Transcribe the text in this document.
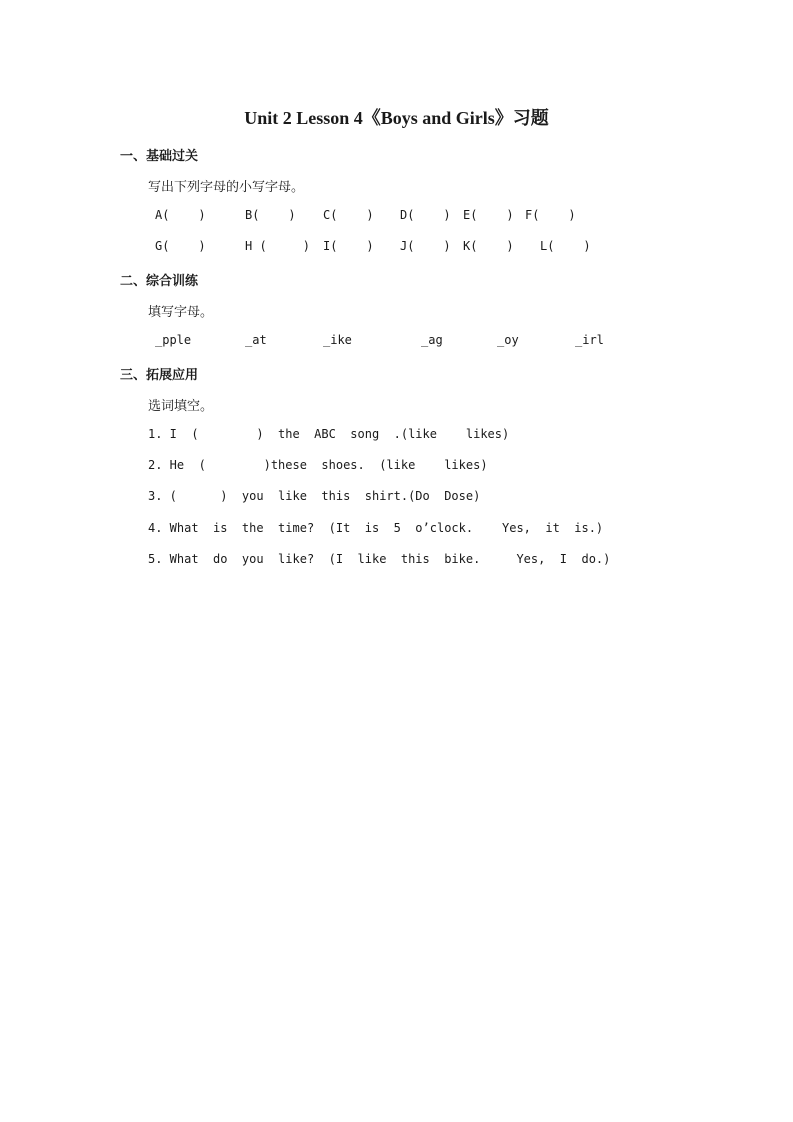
Unit 2 Lesson 4《Boys and Girls》习题
一、基础过关
写出下列字母的小写字母。
A(    )	B(    ) C(    ) D(    ) E(    ) F(    )
G(    )	H (     ) I(    ) J(    ) K(    ) L(    )
二、综合训练
填写字母。
_pple	_at	_ike	_ag	_oy	_irl
三、拓展应用
选词填空。
1. I  (        )  the  ABC  song  .(like    likes)
2. He  (        )these  shoes.  (like    likes)
3. (      )  you  like  this  shirt.(Do  Dose)
4. What  is  the  time?  (It  is  5  o’clock.    Yes,  it  is.)
5. What  do  you  like?  (I  like  this  bike.     Yes,  I  do.)
